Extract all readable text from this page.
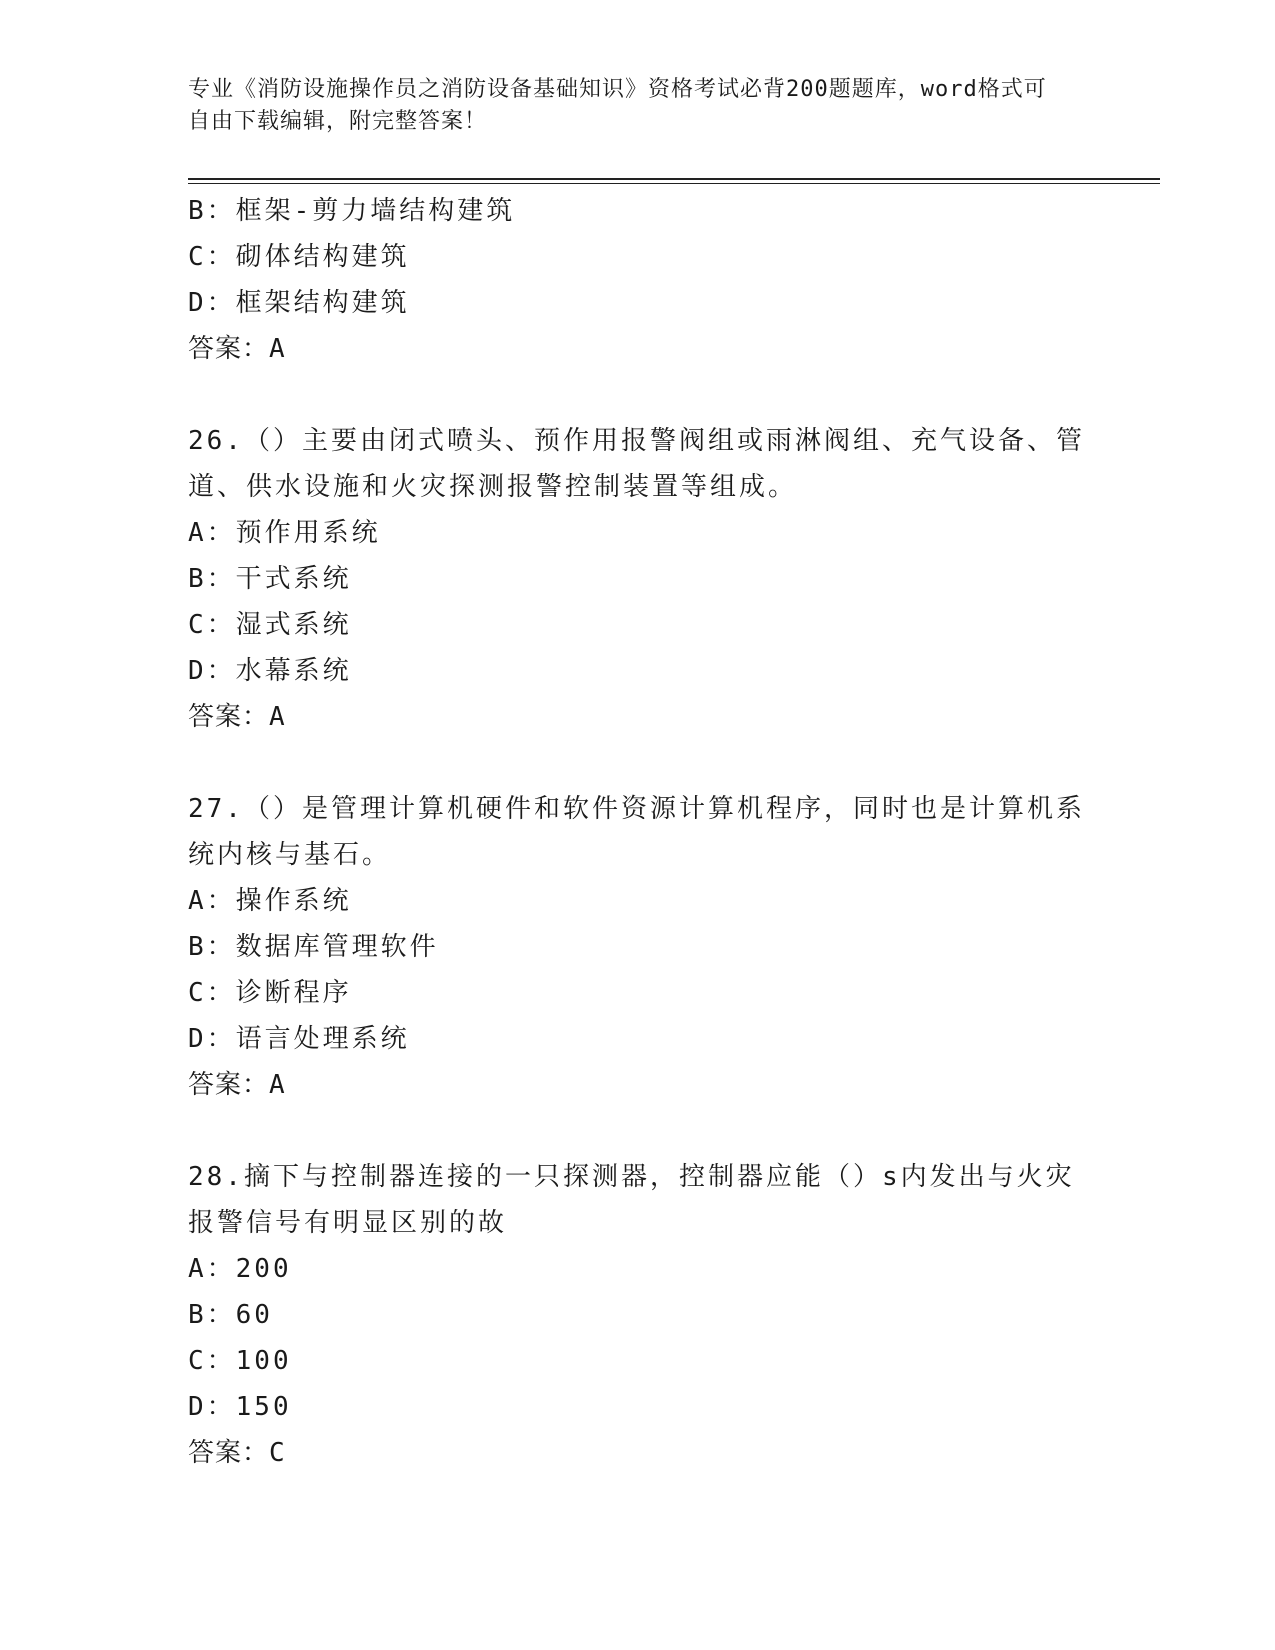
专业《消防设施操作员之消防设备基础知识》资格考试必背200题题库，word格式可自由下载编辑，附完整答案！
B：框架-剪力墙结构建筑
C：砌体结构建筑
D：框架结构建筑
答案：A
26.（）主要由闭式喷头、预作用报警阀组或雨淋阀组、充气设备、管道、供水设施和火灾探测报警控制装置等组成。
A：预作用系统
B：干式系统
C：湿式系统
D：水幕系统
答案：A
27.（）是管理计算机硬件和软件资源计算机程序，同时也是计算机系统内核与基石。
A：操作系统
B：数据库管理软件
C：诊断程序
D：语言处理系统
答案：A
28.摘下与控制器连接的一只探测器，控制器应能（）s内发出与火灾报警信号有明显区别的故
A：200
B：60
C：100
D：150
答案：C
